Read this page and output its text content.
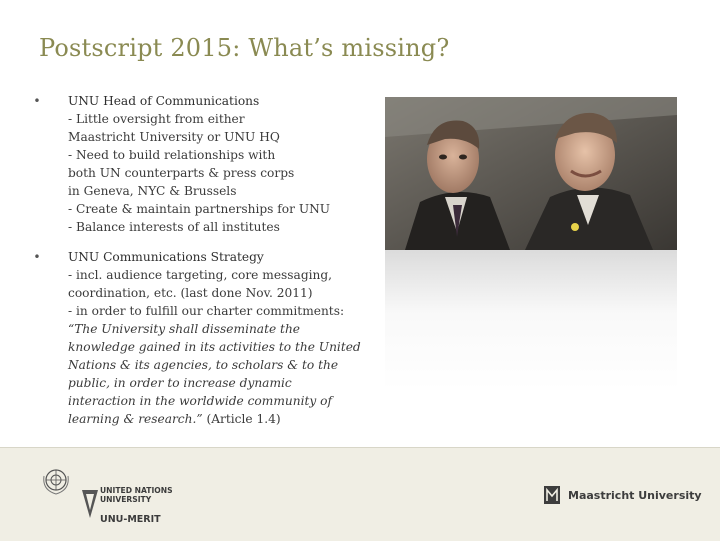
Postscript 2015: What’s missing?
• UNU Head of Communications
- Little oversight from either
Maastricht University or UNU HQ
- Need to build relationships with
both UN counterparts & press corps
in Geneva, NYC & Brussels
- Create & maintain partnerships for UNU
- Balance interests of all institutes
• UNU Communications Strategy
- incl. audience targeting, core messaging,
coordination, etc. (last done Nov. 2011)
- in order to fulfill our charter commitments:
“The University shall disseminate the
knowledge gained in its activities to the United
Nations & its agencies, to scholars & to the
public, in order to increase dynamic
interaction in the worldwide community of
learning & research.” (Article 1.4)
UNITED NATIONS
UNIVERSITY
UNU-MERIT
Maastricht University
